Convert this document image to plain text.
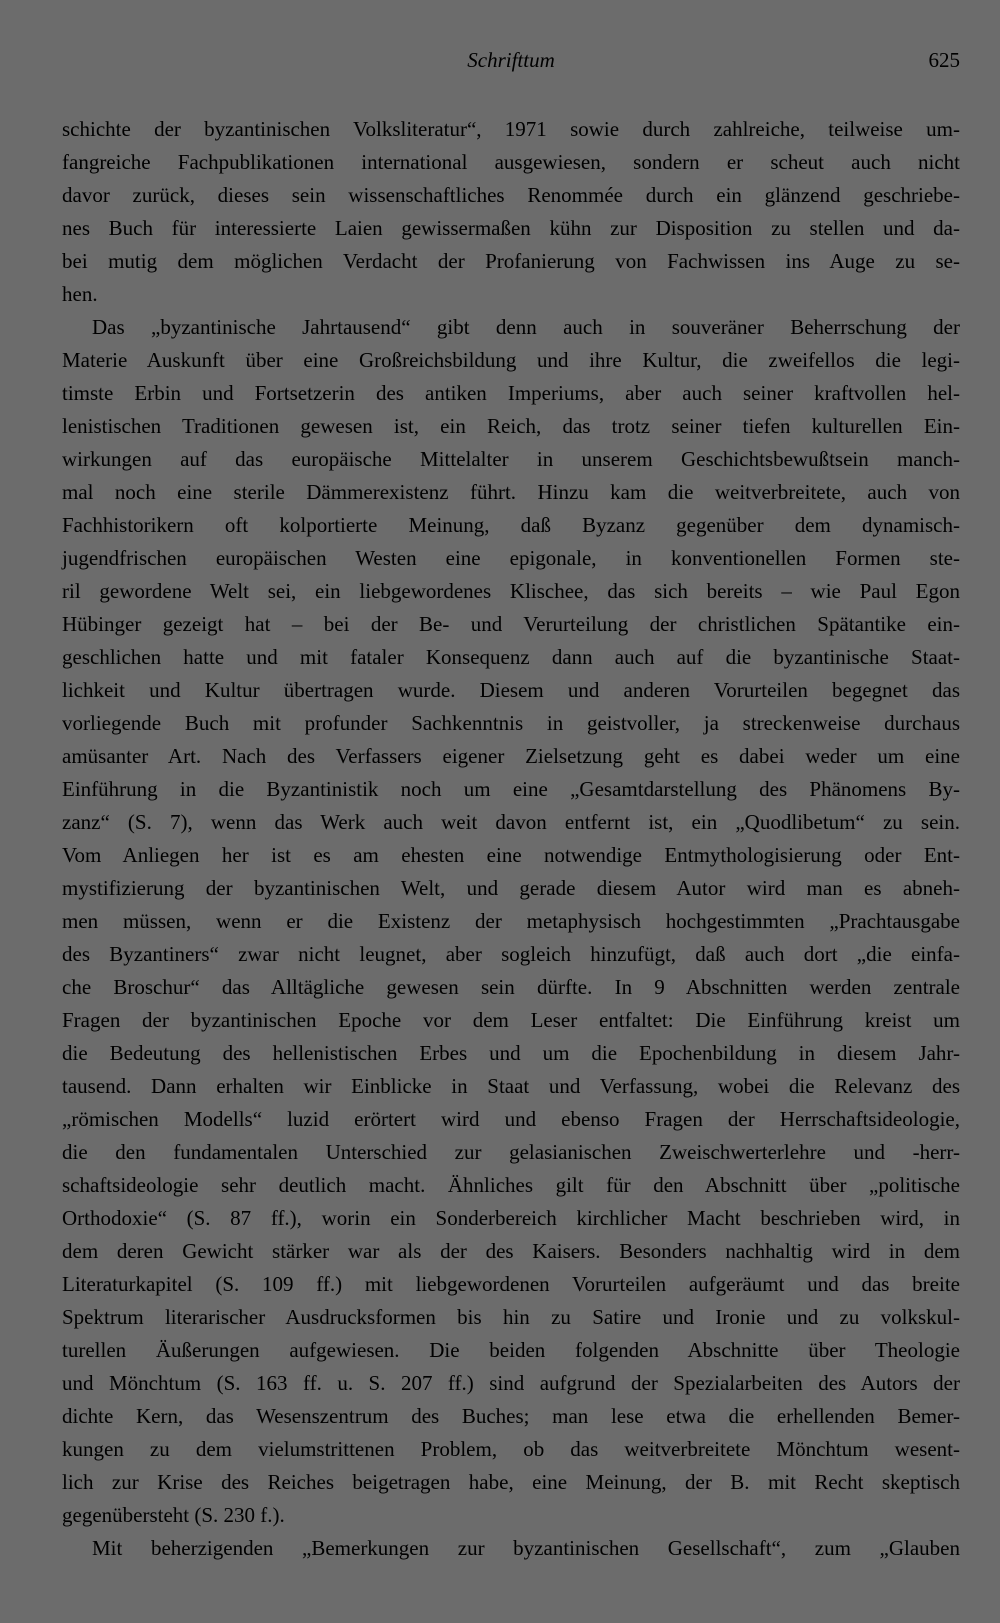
Schrifttum	625
schichte der byzantinischen Volksliteratur“, 1971 sowie durch zahlreiche, teilweise um-
fangreiche Fachpublikationen international ausgewiesen, sondern er scheut auch nicht
davor zurück, dieses sein wissenschaftliches Renommée durch ein glänzend geschriebe-
nes Buch für interessierte Laien gewissermaßen kühn zur Disposition zu stellen und da-
bei mutig dem möglichen Verdacht der Profanierung von Fachwissen ins Auge zu se-
hen.
Das „byzantinische Jahrtausend“ gibt denn auch in souveräner Beherrschung der
Materie Auskunft über eine Großreichsbildung und ihre Kultur, die zweifellos die legi-
timste Erbin und Fortsetzerin des antiken Imperiums, aber auch seiner kraftvollen hel-
lenistischen Traditionen gewesen ist, ein Reich, das trotz seiner tiefen kulturellen Ein-
wirkungen auf das europäische Mittelalter in unserem Geschichtsbewußtsein manch-
mal noch eine sterile Dämmerexistenz führt. Hinzu kam die weitverbreitete, auch von
Fachhistorikern oft kolportierte Meinung, daß Byzanz gegenüber dem dynamisch-
jugendfrischen europäischen Westen eine epigonale, in konventionellen Formen ste-
ril gewordene Welt sei, ein liebgewordenes Klischee, das sich bereits – wie Paul Egon
Hübinger gezeigt hat – bei der Be- und Verurteilung der christlichen Spätantike ein-
geschlichen hatte und mit fataler Konsequenz dann auch auf die byzantinische Staat-
lichkeit und Kultur übertragen wurde. Diesem und anderen Vorurteilen begegnet das
vorliegende Buch mit profunder Sachkenntnis in geistvoller, ja streckenweise durchaus
amüsanter Art. Nach des Verfassers eigener Zielsetzung geht es dabei weder um eine
Einführung in die Byzantinistik noch um eine „Gesamtdarstellung des Phänomens By-
zanz“ (S. 7), wenn das Werk auch weit davon entfernt ist, ein „Quodlibetum“ zu sein.
Vom Anliegen her ist es am ehesten eine notwendige Entmythologisierung oder Ent-
mystifizierung der byzantinischen Welt, und gerade diesem Autor wird man es abneh-
men müssen, wenn er die Existenz der metaphysisch hochgestimmten „Prachtausgabe
des Byzantiners“ zwar nicht leugnet, aber sogleich hinzufügt, daß auch dort „die einfa-
che Broschur“ das Alltägliche gewesen sein dürfte. In 9 Abschnitten werden zentrale
Fragen der byzantinischen Epoche vor dem Leser entfaltet: Die Einführung kreist um
die Bedeutung des hellenistischen Erbes und um die Epochenbildung in diesem Jahr-
tausend. Dann erhalten wir Einblicke in Staat und Verfassung, wobei die Relevanz des
„römischen Modells“ luzid erörtert wird und ebenso Fragen der Herrschaftsideologie,
die den fundamentalen Unterschied zur gelasianischen Zweischwerterlehre und -herr-
schaftsideologie sehr deutlich macht. Ähnliches gilt für den Abschnitt über „politische
Orthodoxie“ (S. 87 ff.), worin ein Sonderbereich kirchlicher Macht beschrieben wird, in
dem deren Gewicht stärker war als der des Kaisers. Besonders nachhaltig wird in dem
Literaturkapitel (S. 109 ff.) mit liebgewordenen Vorurteilen aufgeräumt und das breite
Spektrum literarischer Ausdrucksformen bis hin zu Satire und Ironie und zu volkskul-
turellen Äußerungen aufgewiesen. Die beiden folgenden Abschnitte über Theologie
und Mönchtum (S. 163 ff. u. S. 207 ff.) sind aufgrund der Spezialarbeiten des Autors der
dichte Kern, das Wesenszentrum des Buches; man lese etwa die erhellenden Bemer-
kungen zu dem vielumstrittenen Problem, ob das weitverbreitete Mönchtum wesent-
lich zur Krise des Reiches beigetragen habe, eine Meinung, der B. mit Recht skeptisch
gegenübersteht (S. 230 f.).
Mit beherzigenden „Bemerkungen zur byzantinischen Gesellschaft“, zum „Glauben
